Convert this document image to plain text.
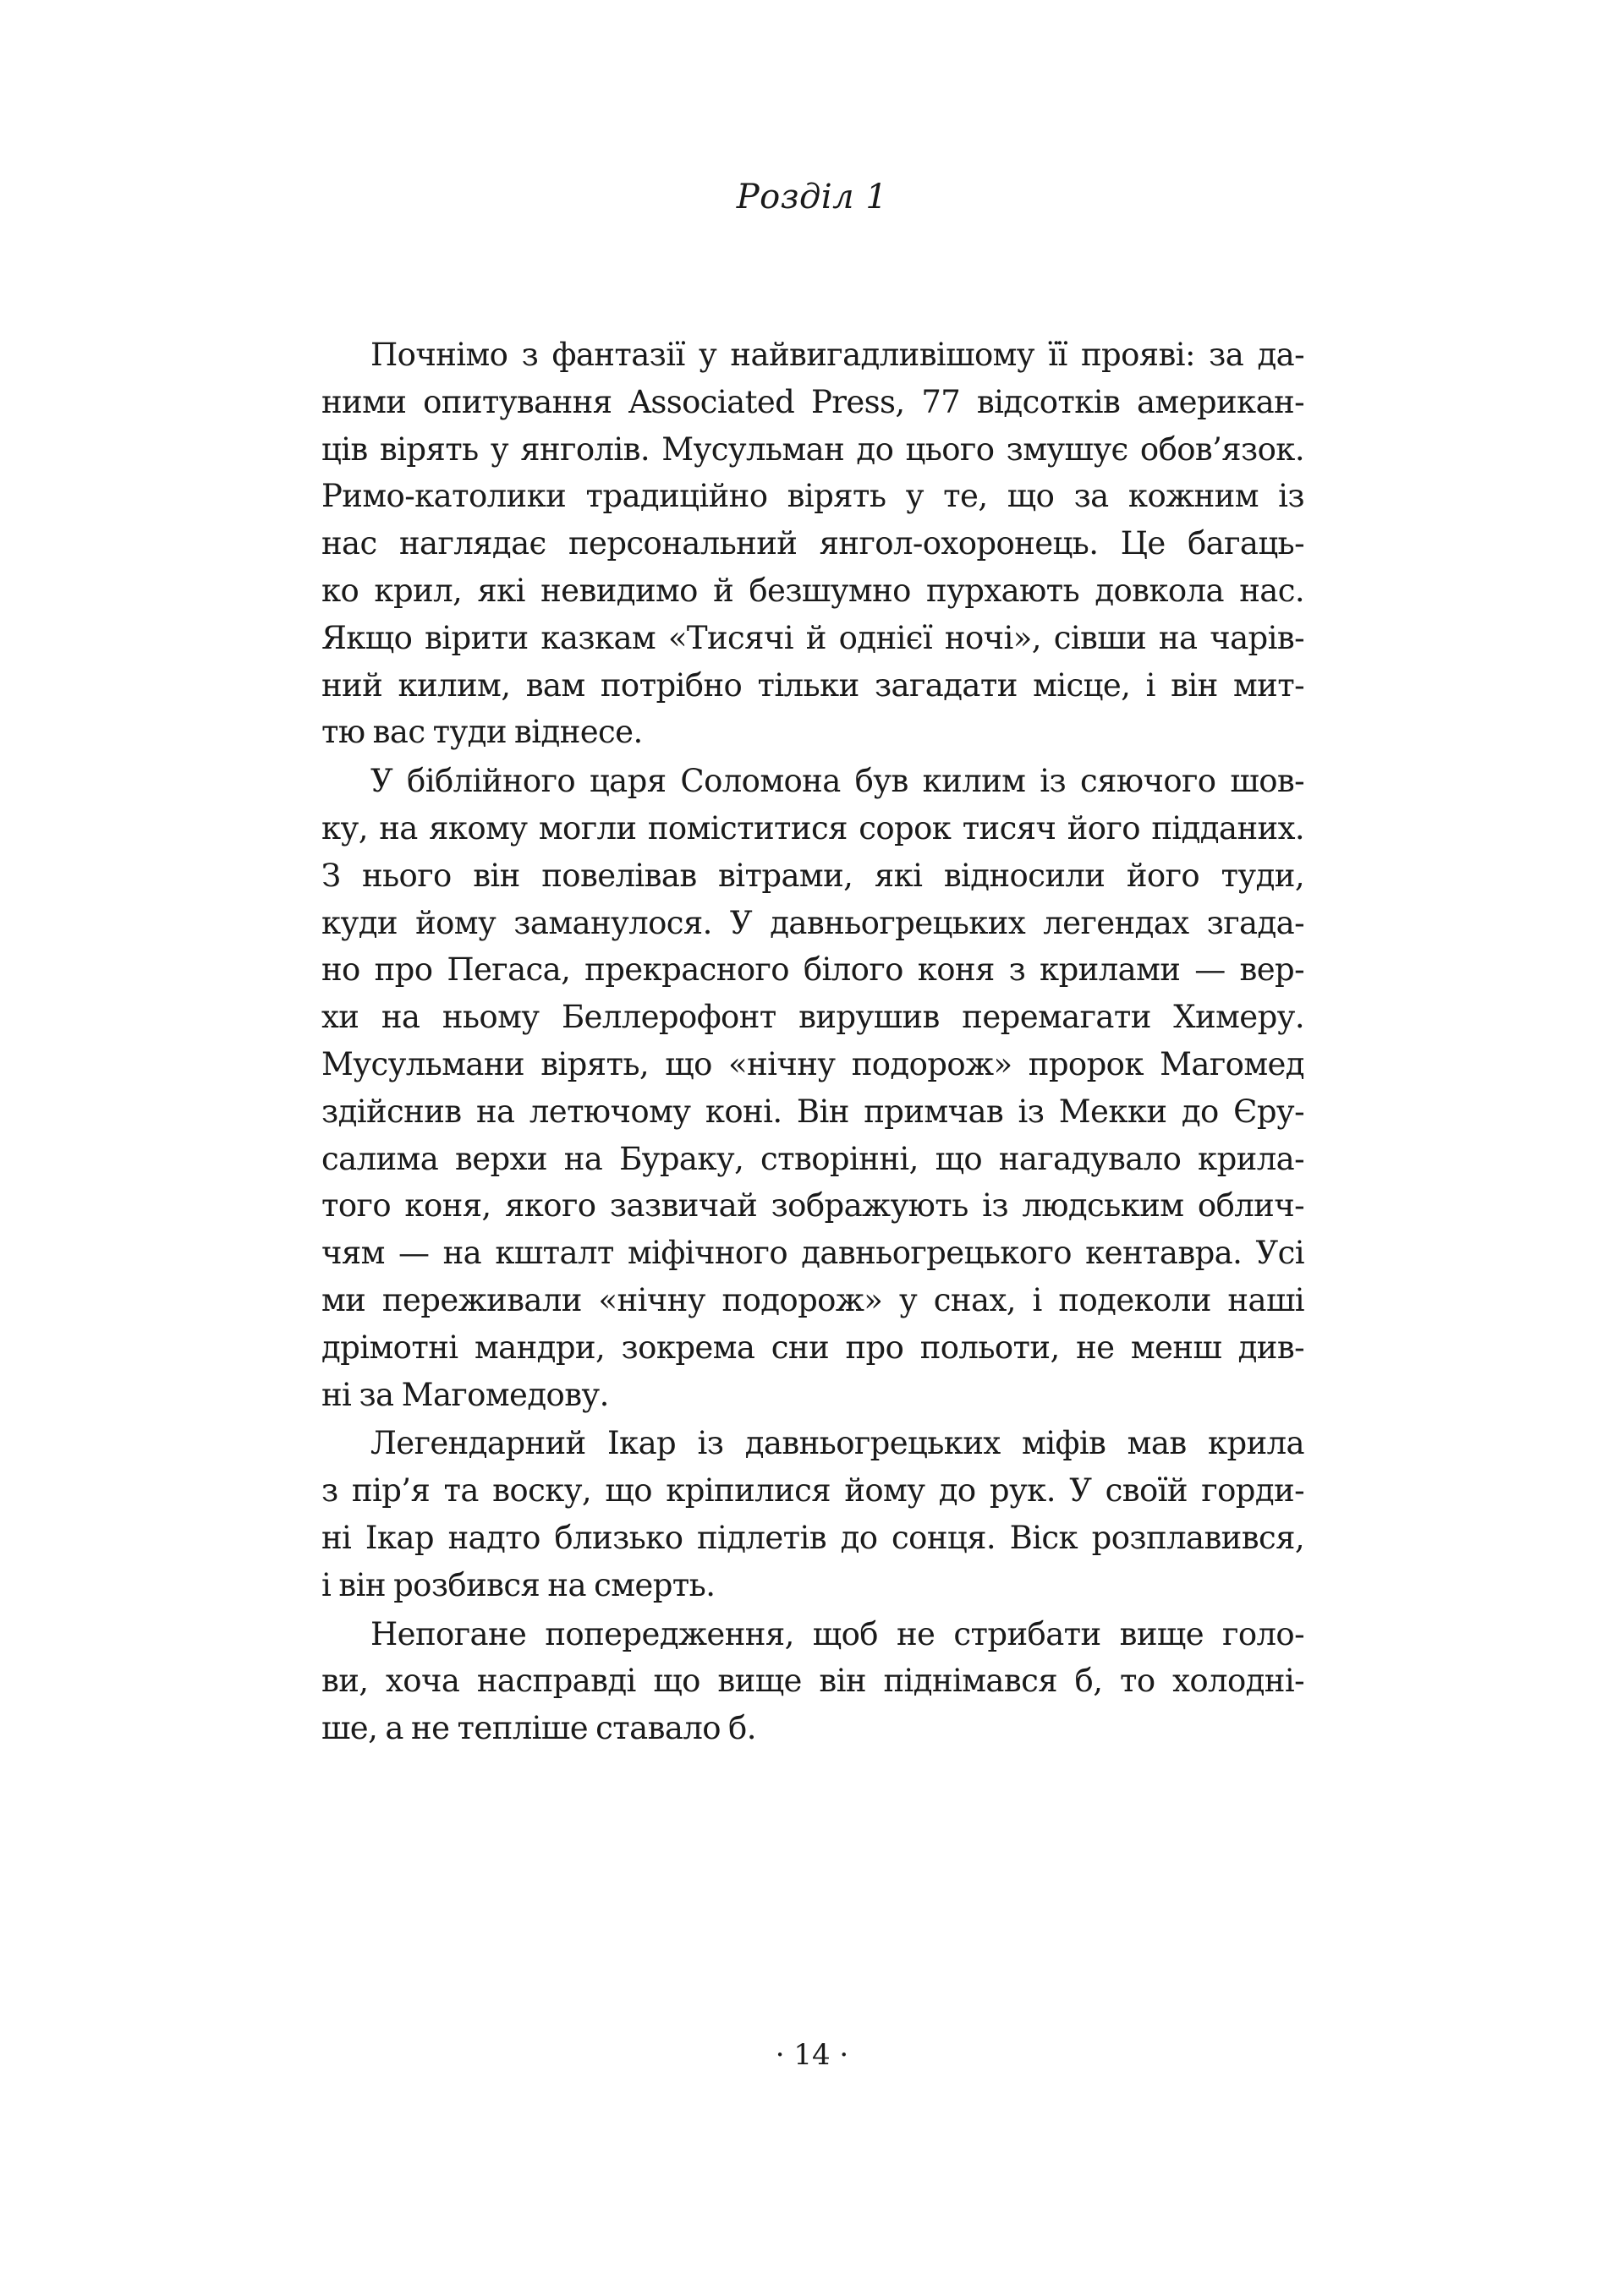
Розділ 1
Почнімо з фантазії у найвигадливішому її прояві: за да-
ними опитування Associated Press, 77 відсотків американ-
ців вірять у янголів. Мусульман до цього змушує обов’язок.
Римо-католики традиційно вірять у те, що за кожним із
нас наглядає персональний янгол-охоронець. Це багаць-
ко крил, які невидимо й безшумно пурхають довкола нас.
Якщо вірити казкам «Тисячі й однієї ночі», сівши на чарів-
ний килим, вам потрібно тільки загадати місце, і він мит-
тю вас туди віднесе.
У біблійного царя Соломона був килим із сяючого шов-
ку, на якому могли поміститися сорок тисяч його підданих.
З нього він повелівав вітрами, які відносили його туди,
куди йому заманулося. У давньогрецьких легендах згада-
но про Пегаса, прекрасного білого коня з крилами — вер-
хи на ньому Беллерофонт вирушив перемагати Химеру.
Мусульмани вірять, що «нічну подорож» пророк Магомед
здійснив на летючому коні. Він примчав із Мекки до Єру-
салима верхи на Бураку, створінні, що нагадувало крила-
того коня, якого зазвичай зображують із людським облич-
чям — на кшталт міфічного давньогрецького кентавра. Усі
ми переживали «нічну подорож» у снах, і подеколи наші
дрімотні мандри, зокрема сни про польоти, не менш див-
ні за Магомедову.
Легендарний Ікар із давньогрецьких міфів мав крила
з пір’я та воску, що кріпилися йому до рук. У своїй горди-
ні Ікар надто близько підлетів до сонця. Віск розплавився,
і він розбився на смерть.
Непогане попередження, щоб не стрибати вище голо-
ви, хоча насправді що вище він піднімався б, то холодні-
ше, а не тепліше ставало б.
· 14 ·
